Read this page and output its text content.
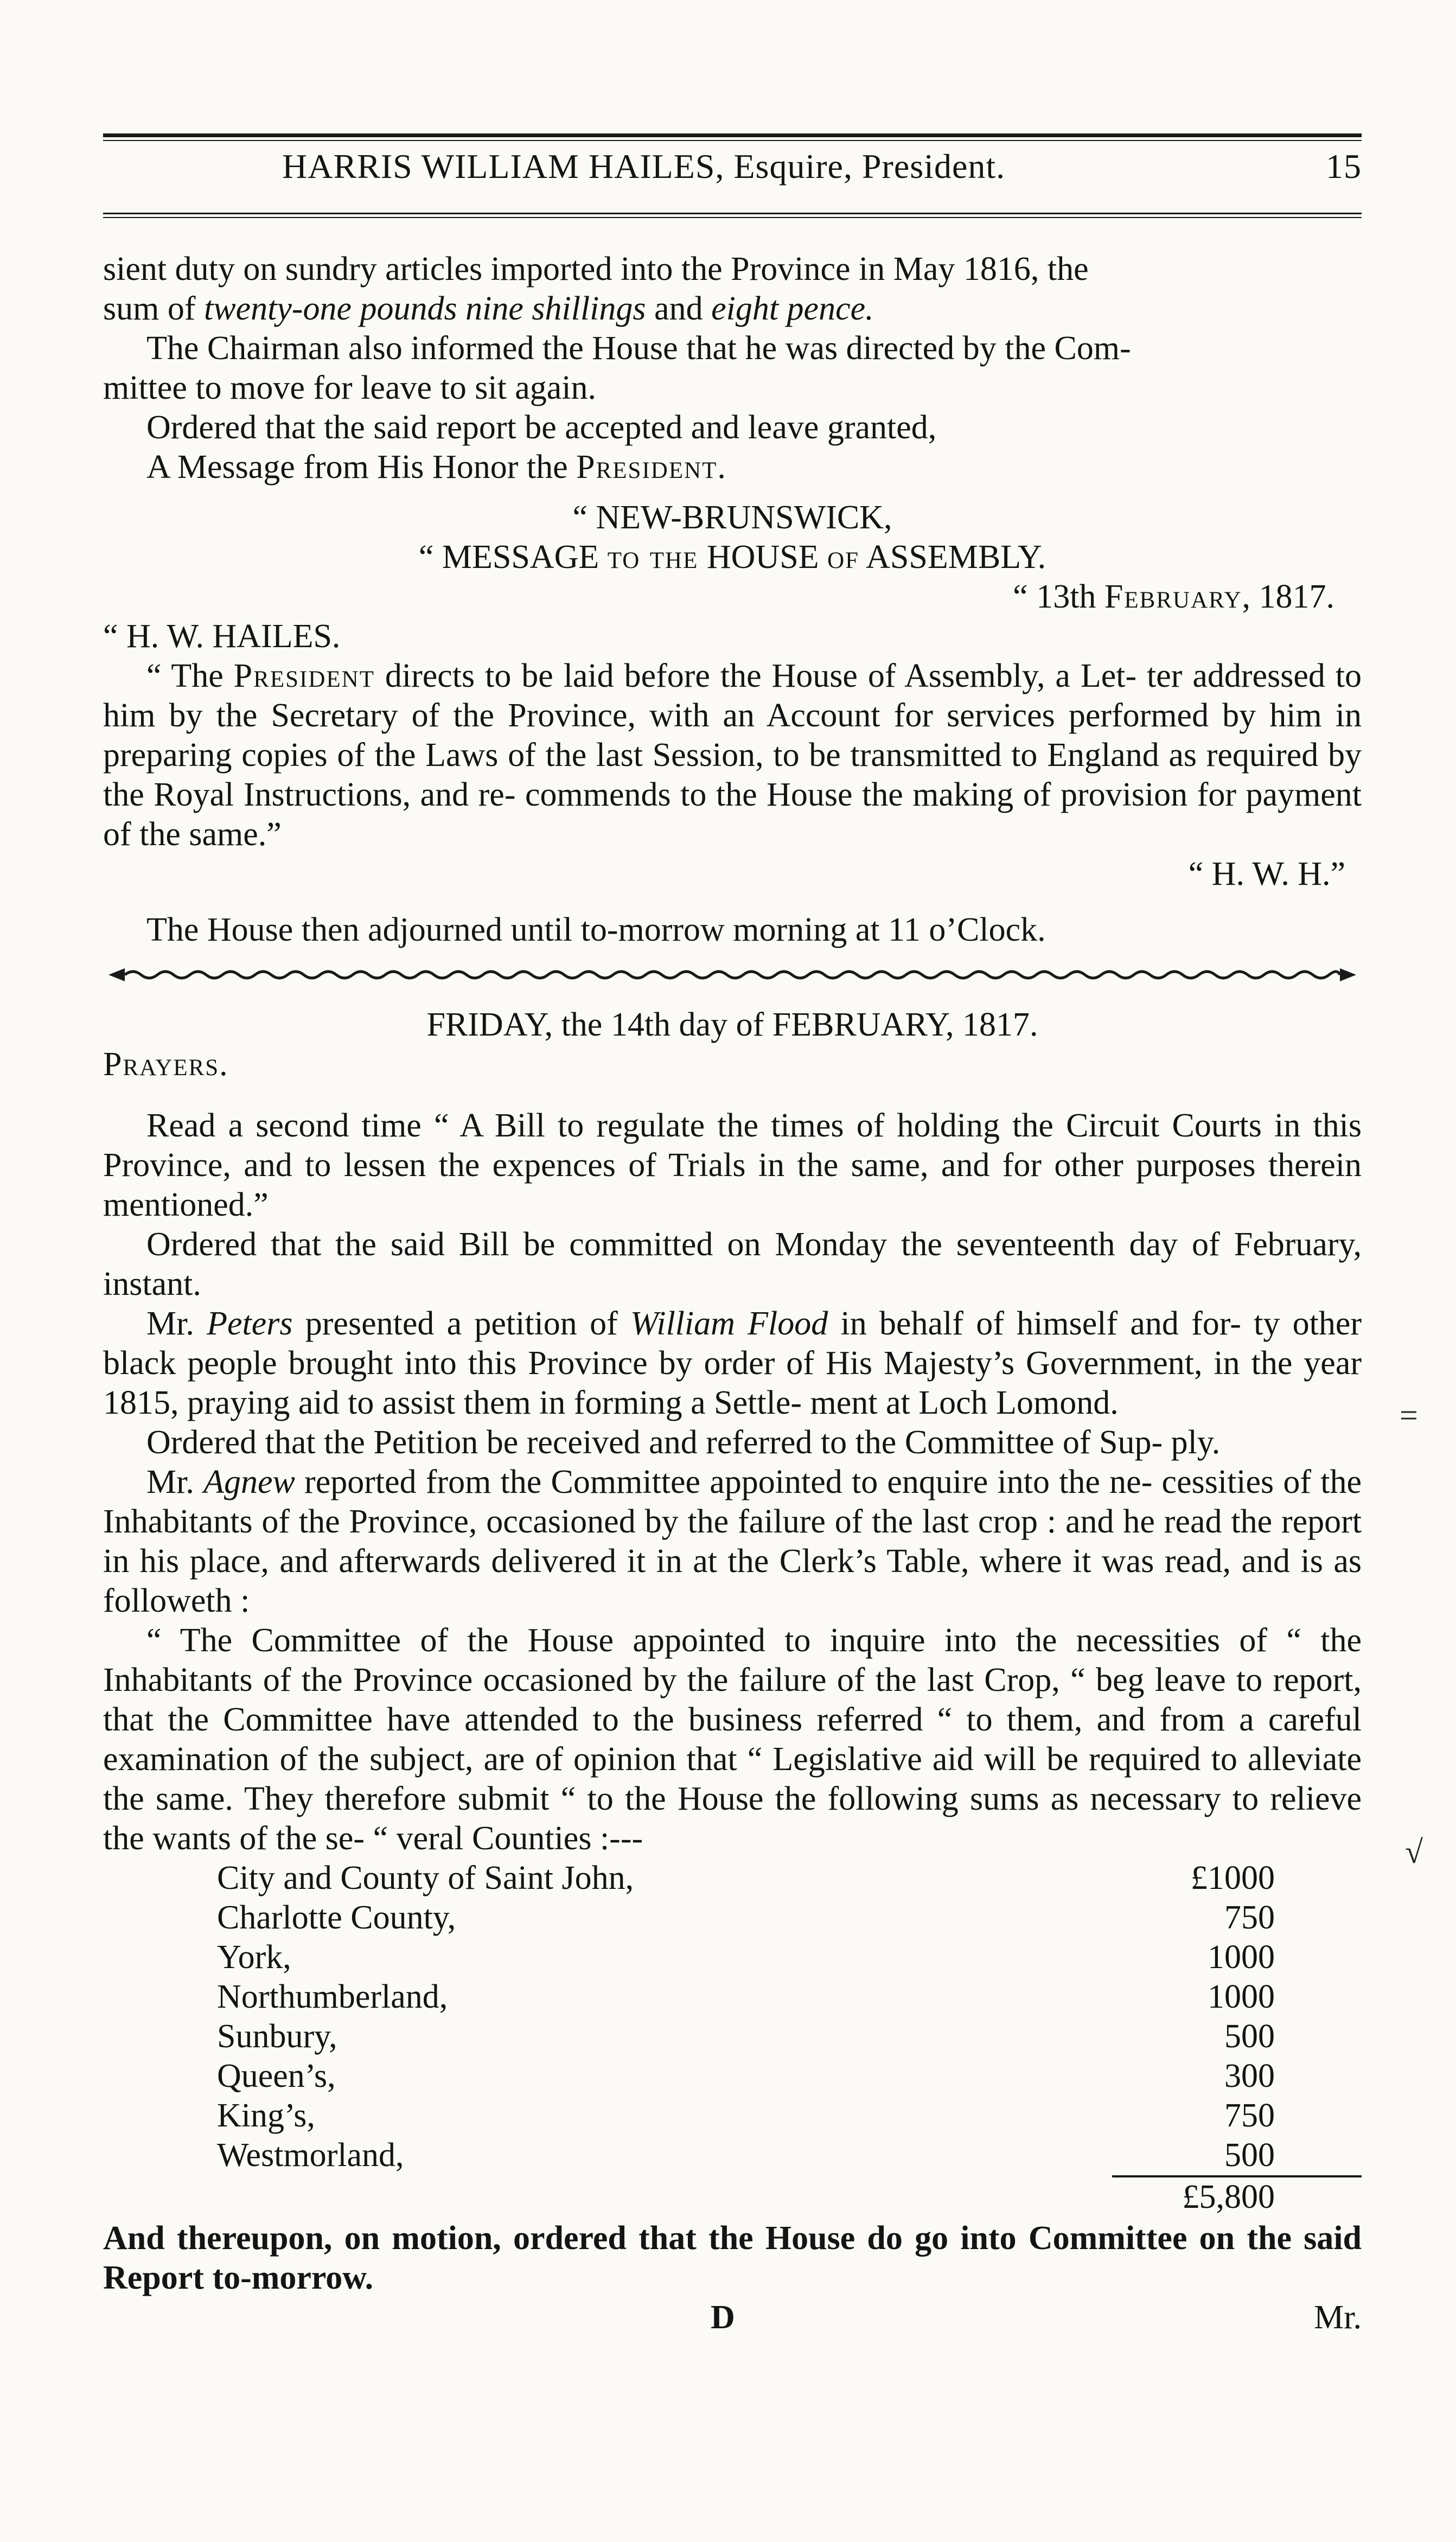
HARRIS WILLIAM HAILES, Esquire, President.	15

sient duty on sundry articles imported into the Province in May 1816, the

sum of twenty-one pounds nine shillings and eight pence.

The Chairman also informed the House that he was directed by the Com-

mittee to move for leave to sit again.

Ordered that the said report be accepted and leave granted,

A Message from His Honor the President.

“ NEW-BRUNSWICK,

“ MESSAGE to the HOUSE of ASSEMBLY.

“ 13th February, 1817.

“ H. W. HAILES.

“ The President directs to be laid before the House of Assembly, a Let- ter addressed to him by the Secretary of the Province, with an Account for services performed by him in preparing copies of the Laws of the last Session, to be transmitted to England as required by the Royal Instructions, and re- commends to the House the making of provision for payment of the same.”

“ H. W. H.”

The House then adjourned until to-morrow morning at 11 o’Clock.

FRIDAY, the 14th day of FEBRUARY, 1817.

Prayers.

Read a second time “ A Bill to regulate the times of holding the Circuit Courts in this Province, and to lessen the expences of Trials in the same, and for other purposes therein mentioned.”

Ordered that the said Bill be committed on Monday the seventeenth day of February, instant.

Mr. Peters presented a petition of William Flood in behalf of himself and for- ty other black people brought into this Province by order of His Majesty’s Government, in the year 1815, praying aid to assist them in forming a Settle- ment at Loch Lomond.

Ordered that the Petition be received and referred to the Committee of Sup- ply.

Mr. Agnew reported from the Committee appointed to enquire into the ne- cessities of the Inhabitants of the Province, occasioned by the failure of the last crop : and he read the report in his place, and afterwards delivered it in at the Clerk’s Table, where it was read, and is as followeth :

“ The Committee of the House appointed to inquire into the necessities of “ the Inhabitants of the Province occasioned by the failure of the last Crop, “ beg leave to report, that the Committee have attended to the business referred “ to them, and from a careful examination of the subject, are of opinion that “ Legislative aid will be required to alleviate the same. They therefore submit “ to the House the following sums as necessary to relieve the wants of the se- “ veral Counties :---

City and County of Saint John,	£1000
Charlotte County,	750
York,	1000
Northumberland,	1000
Sunbury,	500
Queen’s,	300
King’s,	750
Westmorland,	500
£5,800

And thereupon, on motion, ordered that the House do go into Committee on the said Report to-morrow.

D	Mr.
=
√
